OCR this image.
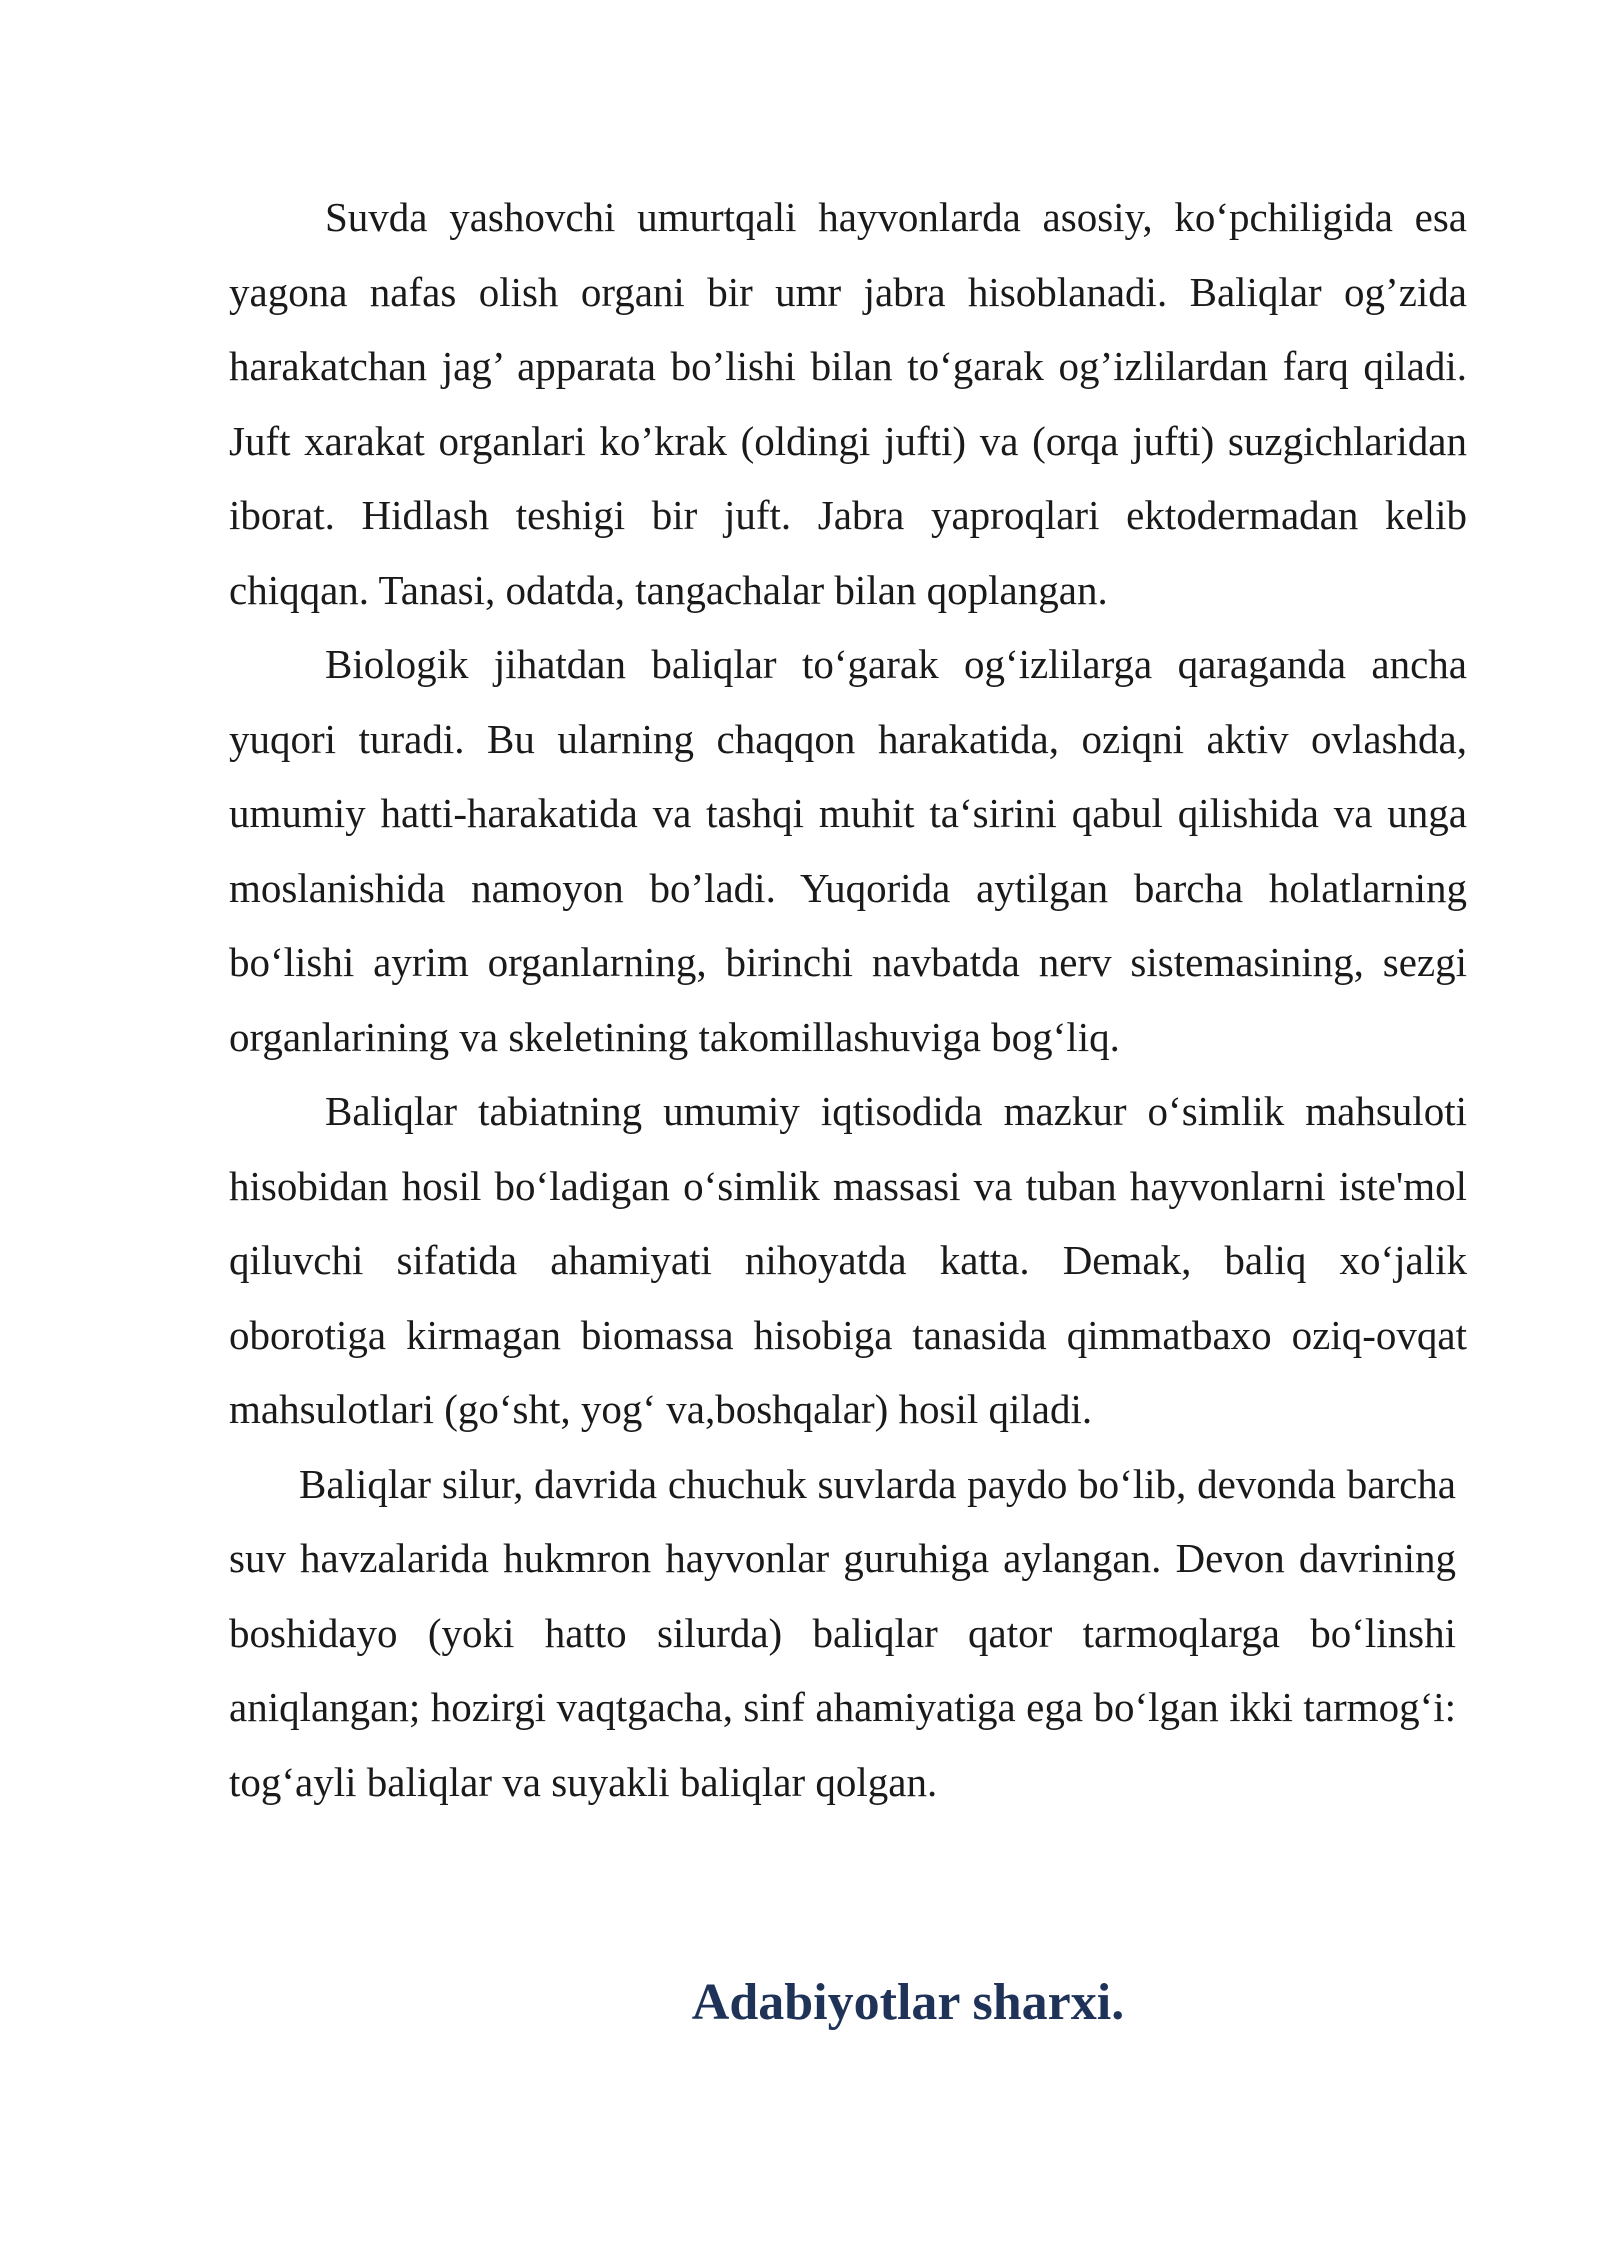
Suvda yashovchi umurtqali hayvonlarda asosiy, ko‘pchiligida esa yagona nafas olish organi bir umr jabra hisoblanadi. Baliqlar og’zida harakatchan jag’ apparata bo’lishi bilan to‘garak og’izlilardan farq qiladi. Juft xarakat organlari ko’krak (oldingi jufti) va (orqa jufti) suzgichlaridan iborat. Hidlash teshigi bir juft. Jabra yaproqlari ektodermadan kelib chiqqan. Tanasi, odatda, tangachalar bilan qoplangan.

Biologik jihatdan baliqlar to‘garak og‘izlilarga qaraganda ancha yuqori turadi. Bu ularning chaqqon harakatida, oziqni aktiv ovlashda, umumiy hatti-harakatida va tashqi muhit ta‘sirini qabul qilishida va unga moslanishida namoyon bo’ladi. Yuqorida aytilgan barcha holatlarning bo‘lishi ayrim organlarning, birinchi navbatda nerv sistemasining, sezgi organlarining va skeletining takomillashuviga bog‘liq.

Baliqlar tabiatning umumiy iqtisodida mazkur o‘simlik mahsuloti hisobidan hosil bo‘ladigan o‘simlik massasi va tuban hayvonlarni iste'mol qiluvchi sifatida ahamiyati nihoyatda katta. Demak, baliq xo‘jalik oborotiga kirmagan biomassa hisobiga tanasida qimmatbaxo oziq-ovqat mahsulotlari (go‘sht, yog‘ va,boshqalar) hosil qiladi.

Baliqlar silur, davrida chuchuk suvlarda paydo bo‘lib, devonda barcha suv havzalarida hukmron hayvonlar guruhiga aylangan. Devon davrining boshidayo (yoki hatto silurda) baliqlar qator tarmoqlarga bo‘linshi aniqlangan; hozirgi vaqtgacha, sinf ahamiyatiga ega bo‘lgan ikki tarmog‘i: tog‘ayli baliqlar va suyakli baliqlar qolgan.

Adabiyotlar sharxi.
